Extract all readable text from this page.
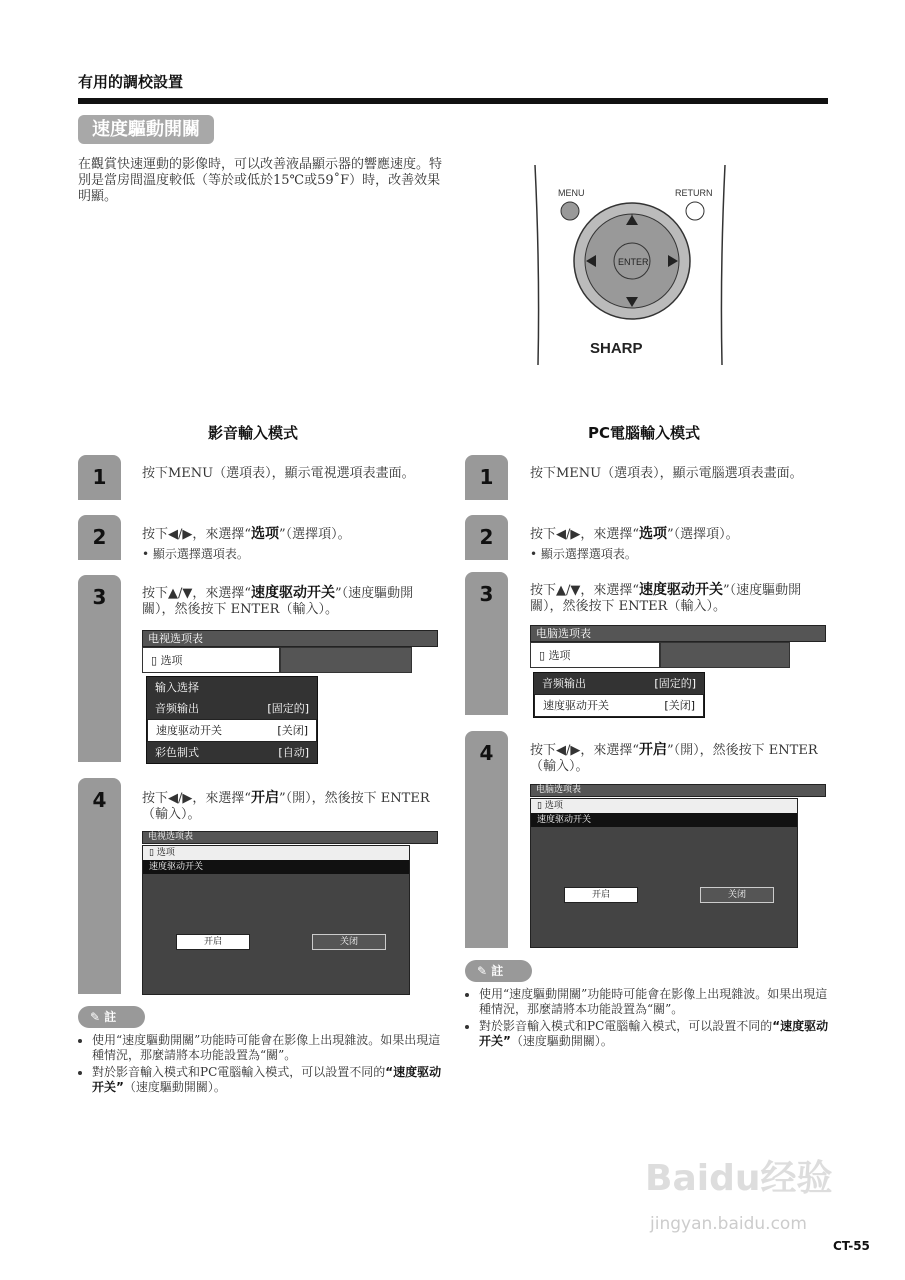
有用的調校設置
速度驅動開關
在觀賞快速運動的影像時，可以改善液晶顯示器的響應速度。特別是當房間溫度較低（等於或低於15℃或59˚F）時，改善效果明顯。	MENU	RETURN
ENTER
SHARP
影音輸入模式
1	按下MENU（選項表），顯示電視選項表畫面。
2	按下◀/▶，來選擇“选项”（選擇項）。
• 顯示選擇選項表。
3	按下▲/▼，來選擇“速度驱动开关”（速度驅動開關），然後按下 ENTER（輸入）。
电视选项表
▯ 选项
输入选择
音频输出	[固定的]
速度驱动开关	[关闭]
彩色制式	[自动]
4	按下◀/▶，來選擇“开启”（開），然後按下 ENTER（輸入）。
电视选项表
▯ 选项
速度驱动开关
开启	关闭
✎ 註
• 使用“速度驅動開關”功能時可能會在影像上出現雜波。如果出現這種情況，那麼請將本功能設置為“關”。
• 對於影音輸入模式和PC電腦輸入模式，可以設置不同的“速度驱动开关”（速度驅動開關）。
PC電腦輸入模式
1	按下MENU（選項表），顯示電腦選項表畫面。
2	按下◀/▶，來選擇“选项”（選擇項）。
• 顯示選擇選項表。
3	按下▲/▼，來選擇“速度驱动开关”（速度驅動開關），然後按下 ENTER（輸入）。
电脑选项表
▯ 选项
音频输出	[固定的]
速度驱动开关	[关闭]
4	按下◀/▶，來選擇“开启”（開），然後按下 ENTER（輸入）。
电脑选项表
▯ 选项
速度驱动开关
开启	关闭
✎ 註
• 使用“速度驅動開關”功能時可能會在影像上出現雜波。如果出現這種情況，那麼請將本功能設置為“關”。
• 對於影音輸入模式和PC電腦輸入模式，可以設置不同的“速度驱动开关”（速度驅動開關）。
Baidu经验
jingyan.baidu.com
CT-55
